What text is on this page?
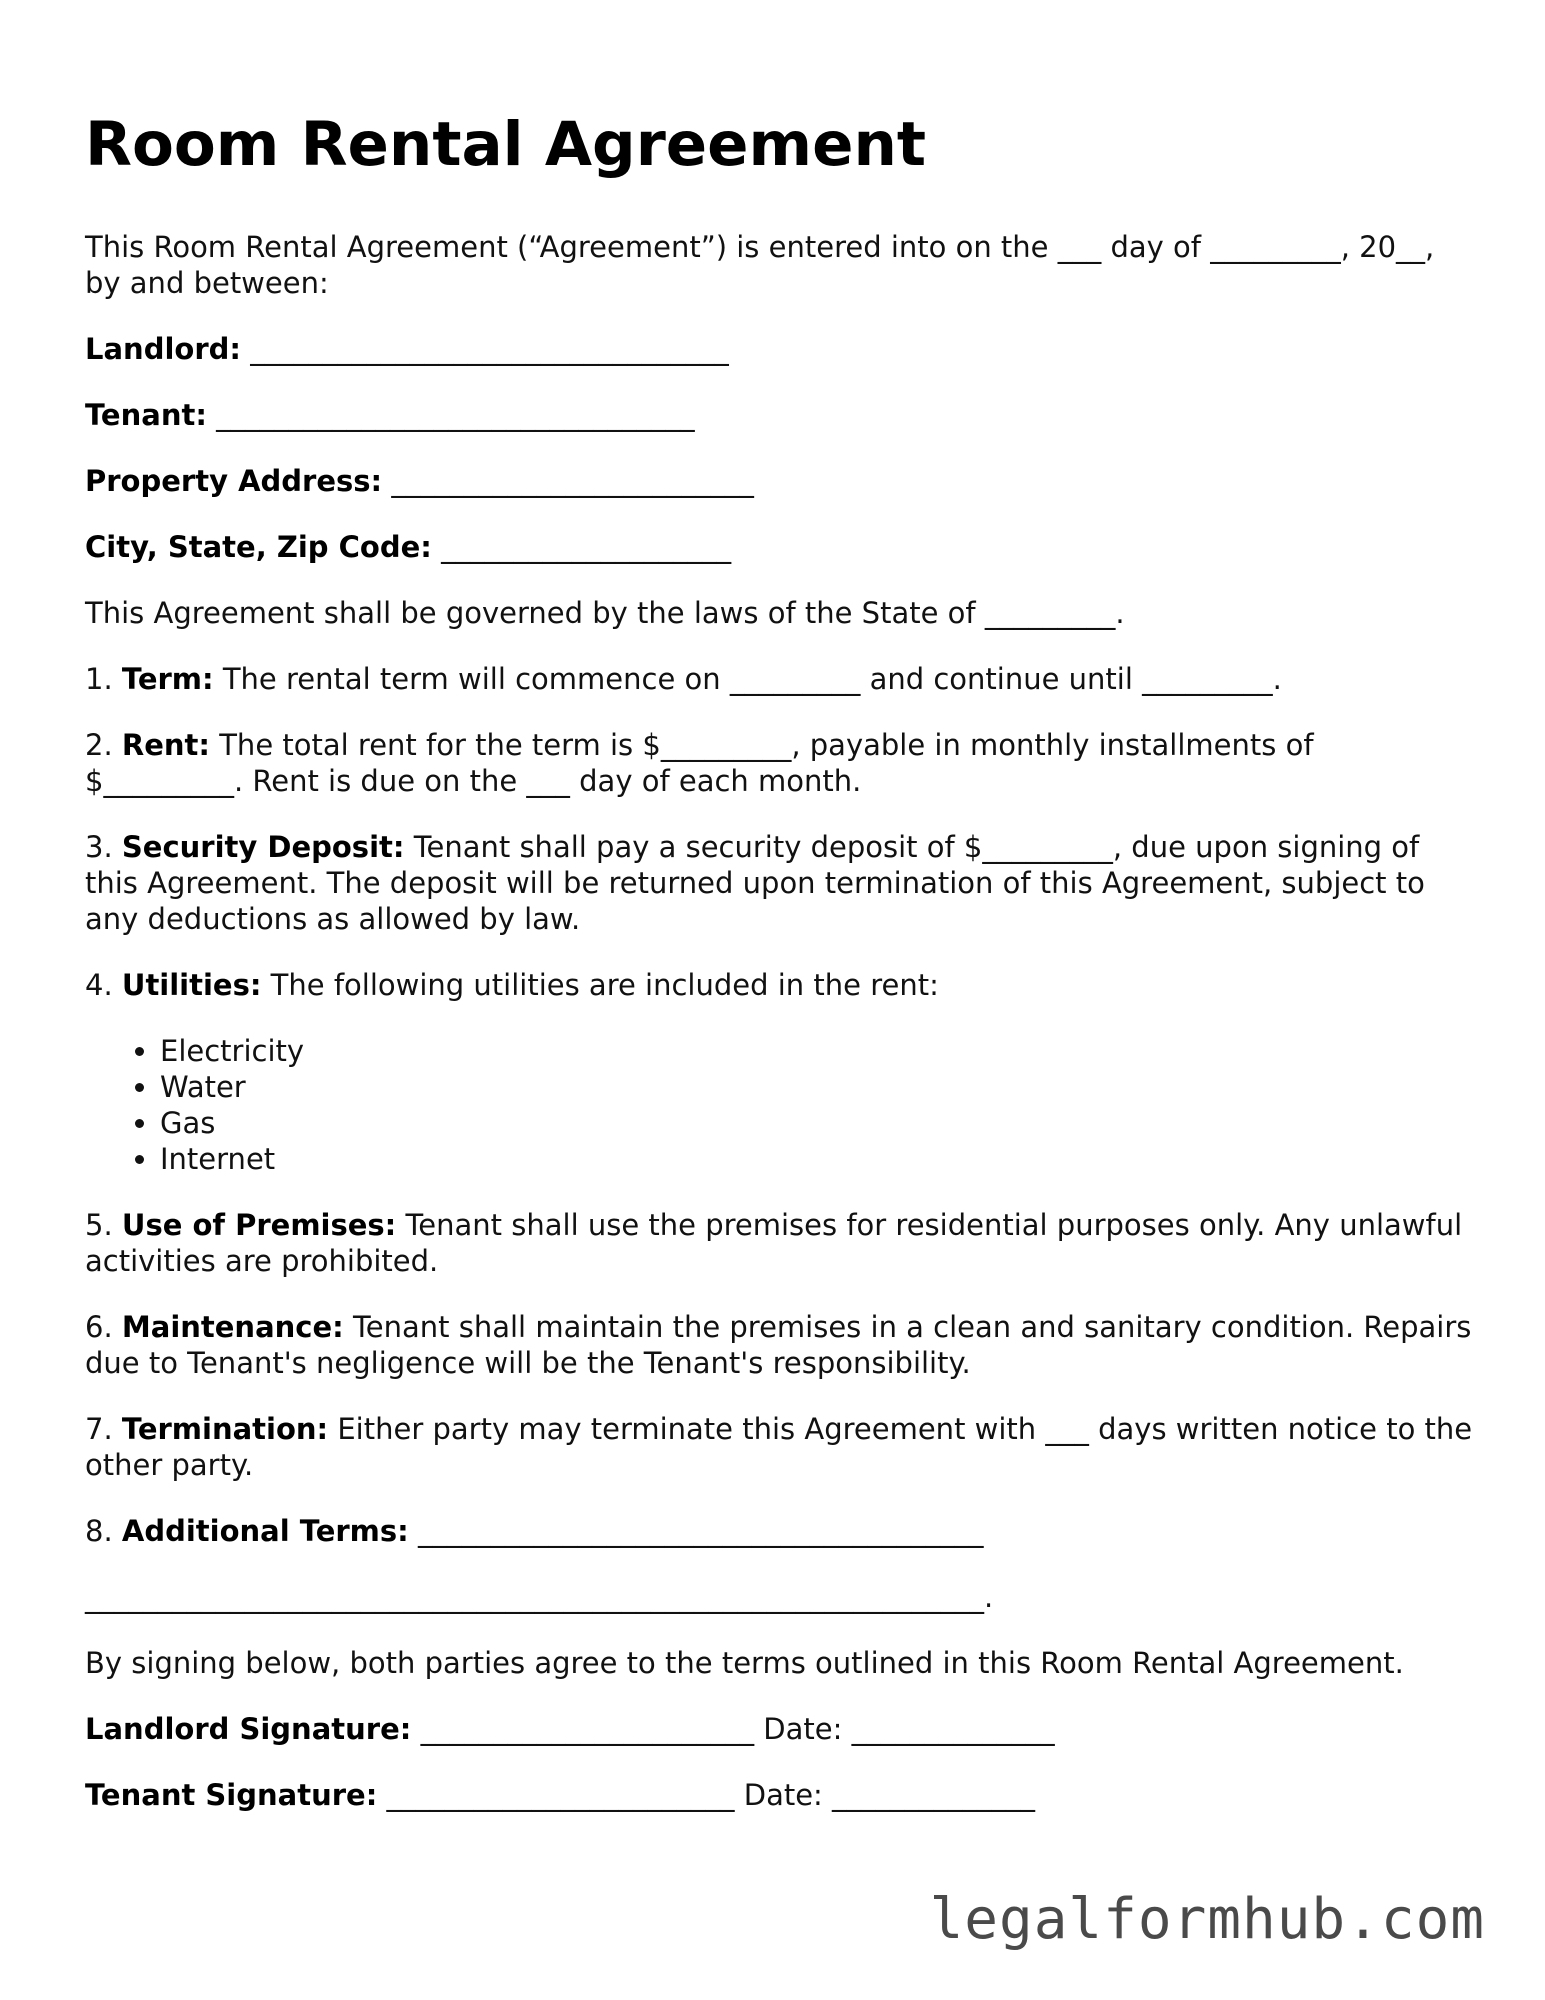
Room Rental Agreement

This Room Rental Agreement (“Agreement”) is entered into on the ___ day of _________, 20__, by and between:

Landlord: _________________________________

Tenant: _________________________________

Property Address: _________________________

City, State, Zip Code: ____________________

This Agreement shall be governed by the laws of the State of _________.

1. Term: The rental term will commence on _________ and continue until _________.

2. Rent: The total rent for the term is $_________, payable in monthly installments of $_________. Rent is due on the ___ day of each month.

3. Security Deposit: Tenant shall pay a security deposit of $_________, due upon signing of this Agreement. The deposit will be returned upon termination of this Agreement, subject to any deductions as allowed by law.

4. Utilities: The following utilities are included in the rent:

• Electricity
• Water
• Gas
• Internet

5. Use of Premises: Tenant shall use the premises for residential purposes only. Any unlawful activities are prohibited.

6. Maintenance: Tenant shall maintain the premises in a clean and sanitary condition. Repairs due to Tenant's negligence will be the Tenant's responsibility.

7. Termination: Either party may terminate this Agreement with ___ days written notice to the other party.

8. Additional Terms: _______________________________________

______________________________________________________________.

By signing below, both parties agree to the terms outlined in this Room Rental Agreement.

Landlord Signature: _______________________ Date: ______________

Tenant Signature: ________________________ Date: ______________

legalformhub.com
